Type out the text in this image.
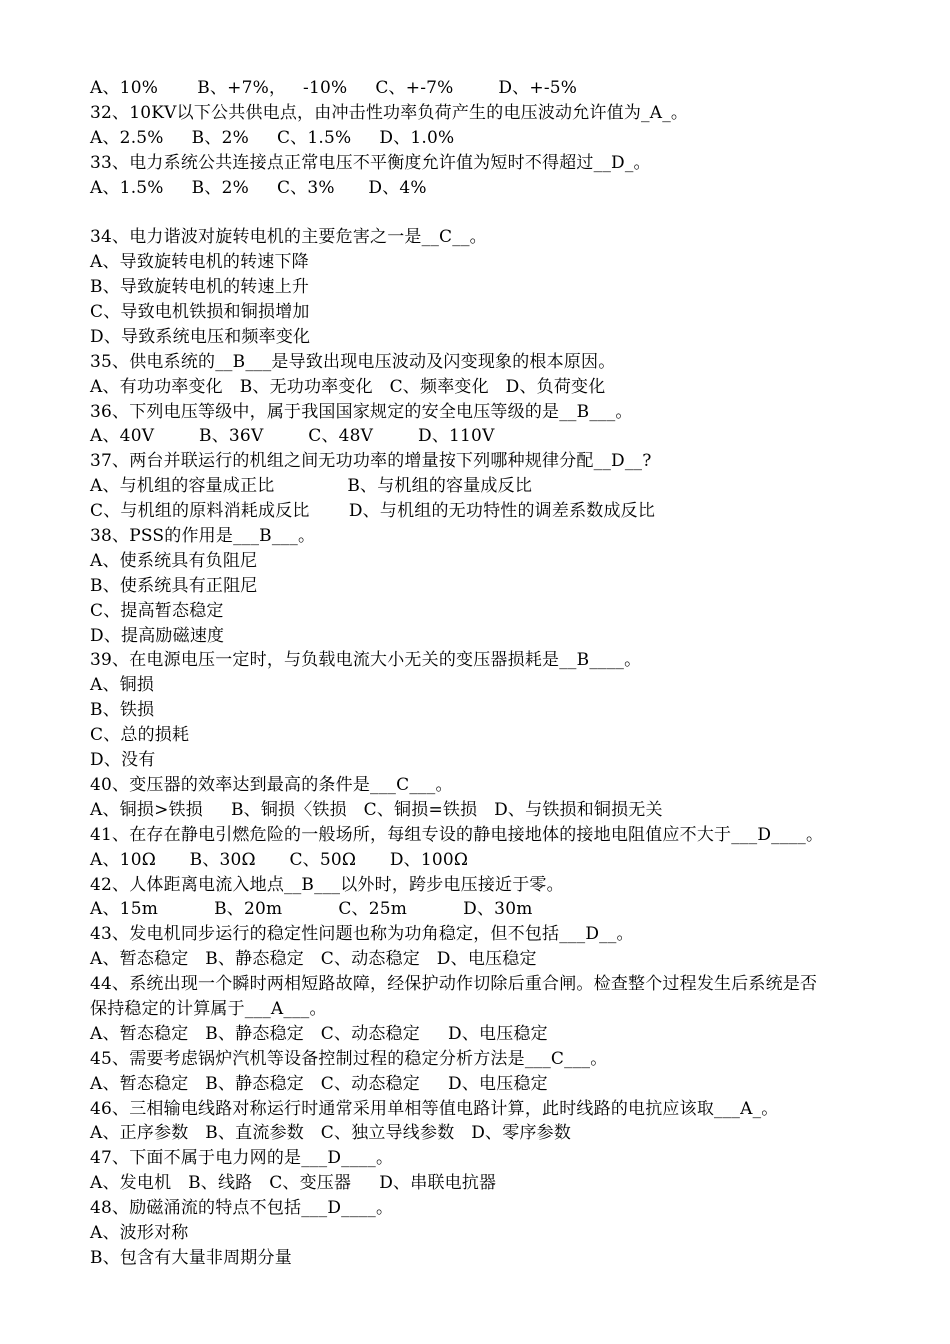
A、10%       B、+7%，   -10%     C、+-7%        D、+-5%
32、10KV以下公共供电点，由冲击性功率负荷产生的电压波动允许值为_A_。
A、2.5%     B、2%     C、1.5%     D、1.0%
33、电力系统公共连接点正常电压不平衡度允许值为短时不得超过__D_。
A、1.5%     B、2%     C、3%      D、4%
34、电力谐波对旋转电机的主要危害之一是__C__。
A、导致旋转电机的转速下降
B、导致旋转电机的转速上升
C、导致电机铁损和铜损增加
D、导致系统电压和频率变化
35、供电系统的__B___是导致出现电压波动及闪变现象的根本原因。
A、有功功率变化   B、无功功率变化   C、频率变化   D、负荷变化
36、下列电压等级中，属于我国国家规定的安全电压等级的是__B___。
A、40V        B、36V        C、48V        D、110V
37、两台并联运行的机组之间无功功率的增量按下列哪种规律分配__D__?
A、与机组的容量成正比             B、与机组的容量成反比
C、与机组的原料消耗成反比       D、与机组的无功特性的调差系数成反比
38、PSS的作用是___B___。
A、使系统具有负阻尼
B、使系统具有正阻尼
C、提高暂态稳定
D、提高励磁速度
39、在电源电压一定时，与负载电流大小无关的变压器损耗是__B____。
A、铜损
B、铁损
C、总的损耗
D、没有
40、变压器的效率达到最高的条件是___C___。
A、铜损>铁损     B、铜损〈铁损   C、铜损=铁损   D、与铁损和铜损无关
41、在存在静电引燃危险的一般场所，每组专设的静电接地体的接地电阻值应不大于___D____。
A、10Ω      B、30Ω      C、50Ω      D、100Ω
42、人体距离电流入地点__B___以外时，跨步电压接近于零。
A、15m          B、20m          C、25m          D、30m
43、发电机同步运行的稳定性问题也称为功角稳定，但不包括___D__。
A、暂态稳定   B、静态稳定   C、动态稳定   D、电压稳定
44、系统出现一个瞬时两相短路故障，经保护动作切除后重合闸。检查整个过程发生后系统是否
保持稳定的计算属于___A___。
A、暂态稳定   B、静态稳定   C、动态稳定     D、电压稳定
45、需要考虑锅炉汽机等设备控制过程的稳定分析方法是___C___。
A、暂态稳定   B、静态稳定   C、动态稳定     D、电压稳定
46、三相输电线路对称运行时通常采用单相等值电路计算，此时线路的电抗应该取___A_。
A、正序参数   B、直流参数   C、独立导线参数   D、零序参数
47、下面不属于电力网的是___D____。
A、发电机   B、线路   C、变压器     D、串联电抗器
48、励磁涌流的特点不包括___D____。
A、波形对称
B、包含有大量非周期分量
